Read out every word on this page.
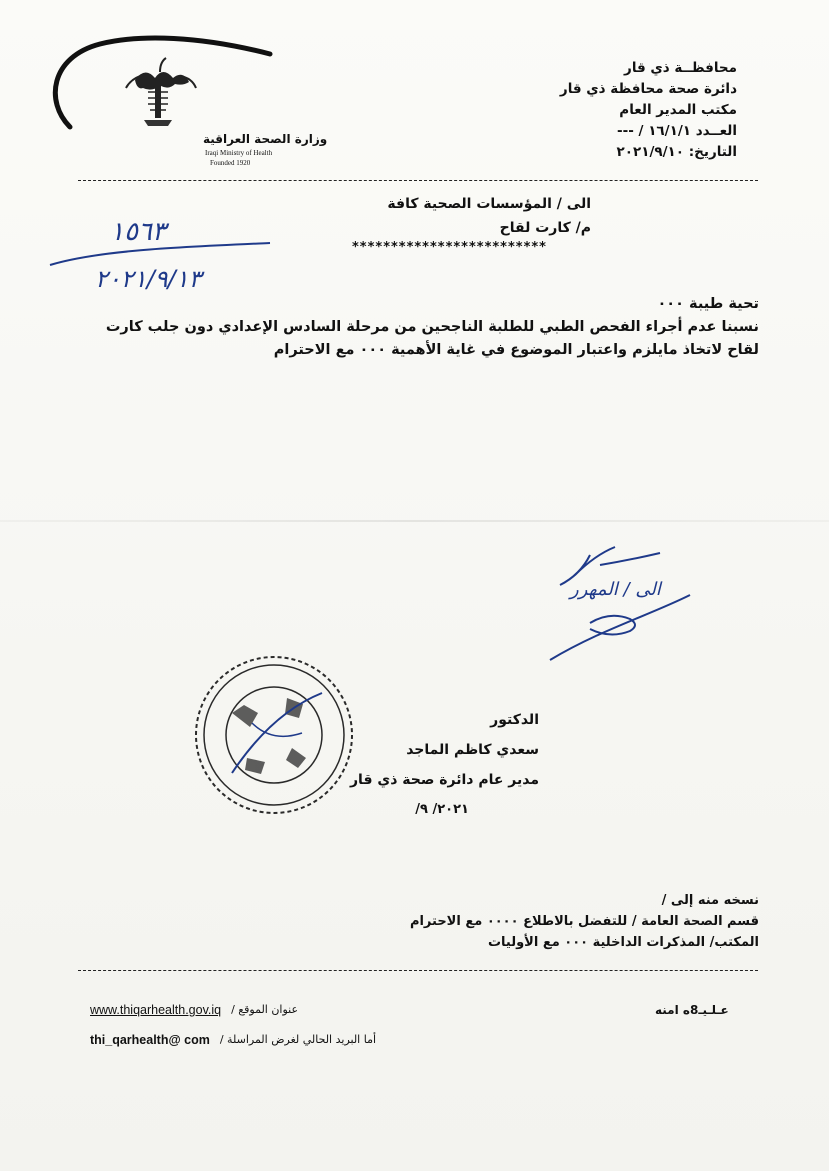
وزارة الصحة العراقية
Iraqi Ministry of Health
Founded 1920
محافظــة ذي قار
دائرة صحة محافظة ذي قار
مكتب المدير العام
العــدد ١٦/١/١ / ---
التاريخ: ٢٠٢١/٩/١٠
الى / المؤسسات الصحية كافة
م/ كارت لقاح
*************************
١٥٦٣
٢٠٢١/٩/١٣
تحية طيبة ٠٠٠
نسبنا عدم أجراء الفحص الطبي للطلبة الناجحين من مرحلة السادس الإعدادي دون جلب كارت
لقاح لاتخاذ مايلزم واعتبار الموضوع في غاية الأهمية ٠٠٠ مع الاحترام
الى / المهرر
الدكتور
سعدي كاظم الماجد
مدير عام دائرة صحة ذي قار
٢٠٢١/ ٩/
نسخه منه إلى /
قسم الصحة العامة / للتفضل بالاطلاع ٠٠٠٠ مع الاحترام
المكتب/ المذكرات الداخلية ٠٠٠ مع الأوليات
www.thiqarhealth.gov.iq عنوان الموقع /
thi_qarhealth@ com أما البريد الحالي لغرض المراسلة /
عـلـيـ8ه امنه
